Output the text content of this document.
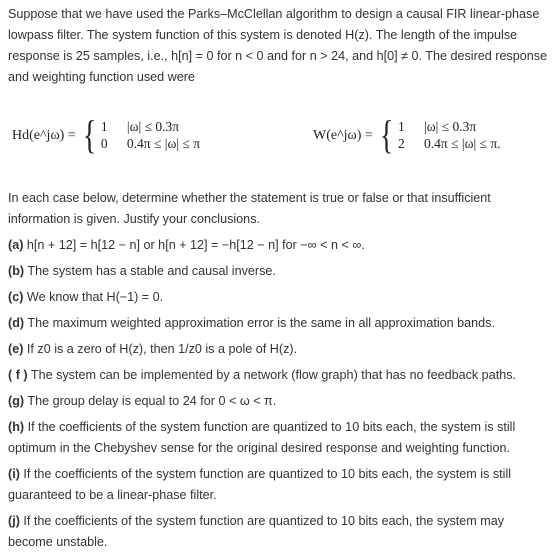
Suppose that we have used the Parks–McClellan algorithm to design a causal FIR linear-phase lowpass filter. The system function of this system is denoted H(z). The length of the impulse response is 25 samples, i.e., h[n] = 0 for n < 0 and for n > 24, and h[0] ≠ 0. The desired response and weighting function used were

Hd(e^jω) = { 1	|ω| ≤ 0.3π
0	0.4π ≤ |ω| ≤ π
W(e^jω) = { 1	|ω| ≤ 0.3π
2	0.4π ≤ |ω| ≤ π.

In each case below, determine whether the statement is true or false or that insufficient information is given. Justify your conclusions.

(a) h[n + 12] = h[12 − n] or h[n + 12] = −h[12 − n] for −∞ < n < ∞.

(b) The system has a stable and causal inverse.

(c) We know that H(−1) = 0.

(d) The maximum weighted approximation error is the same in all approximation bands.

(e) If z0 is a zero of H(z), then 1/z0 is a pole of H(z).

( f ) The system can be implemented by a network (flow graph) that has no feedback paths.

(g) The group delay is equal to 24 for 0 < ω < π.

(h) If the coefficients of the system function are quantized to 10 bits each, the system is still optimum in the Chebyshev sense for the original desired response and weighting function.

(i) If the coefficients of the system function are quantized to 10 bits each, the system is still guaranteed to be a linear-phase filter.

(j) If the coefficients of the system function are quantized to 10 bits each, the system may become unstable.
